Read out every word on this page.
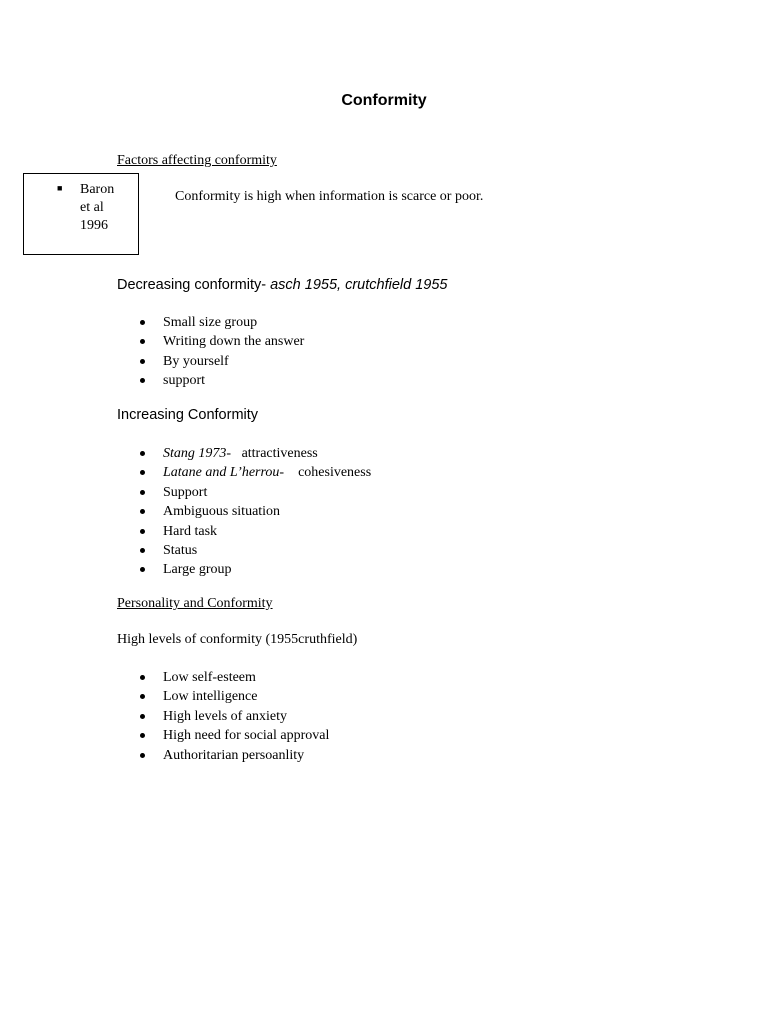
Conformity
Factors affecting conformity
■ Baron
et al
1996
Conformity is high when information is scarce or poor.
Decreasing conformity- asch 1955, crutchfield 1955
Small size group
Writing down the answer
By yourself
support
Increasing Conformity
Stang 1973- attractiveness
Latane and L’herrou- cohesiveness
Support
Ambiguous situation
Hard task
Status
Large group
Personality and Conformity
High levels of conformity (1955cruthfield)
Low self-esteem
Low intelligence
High levels of anxiety
High need for social approval
Authoritarian persoanlity
